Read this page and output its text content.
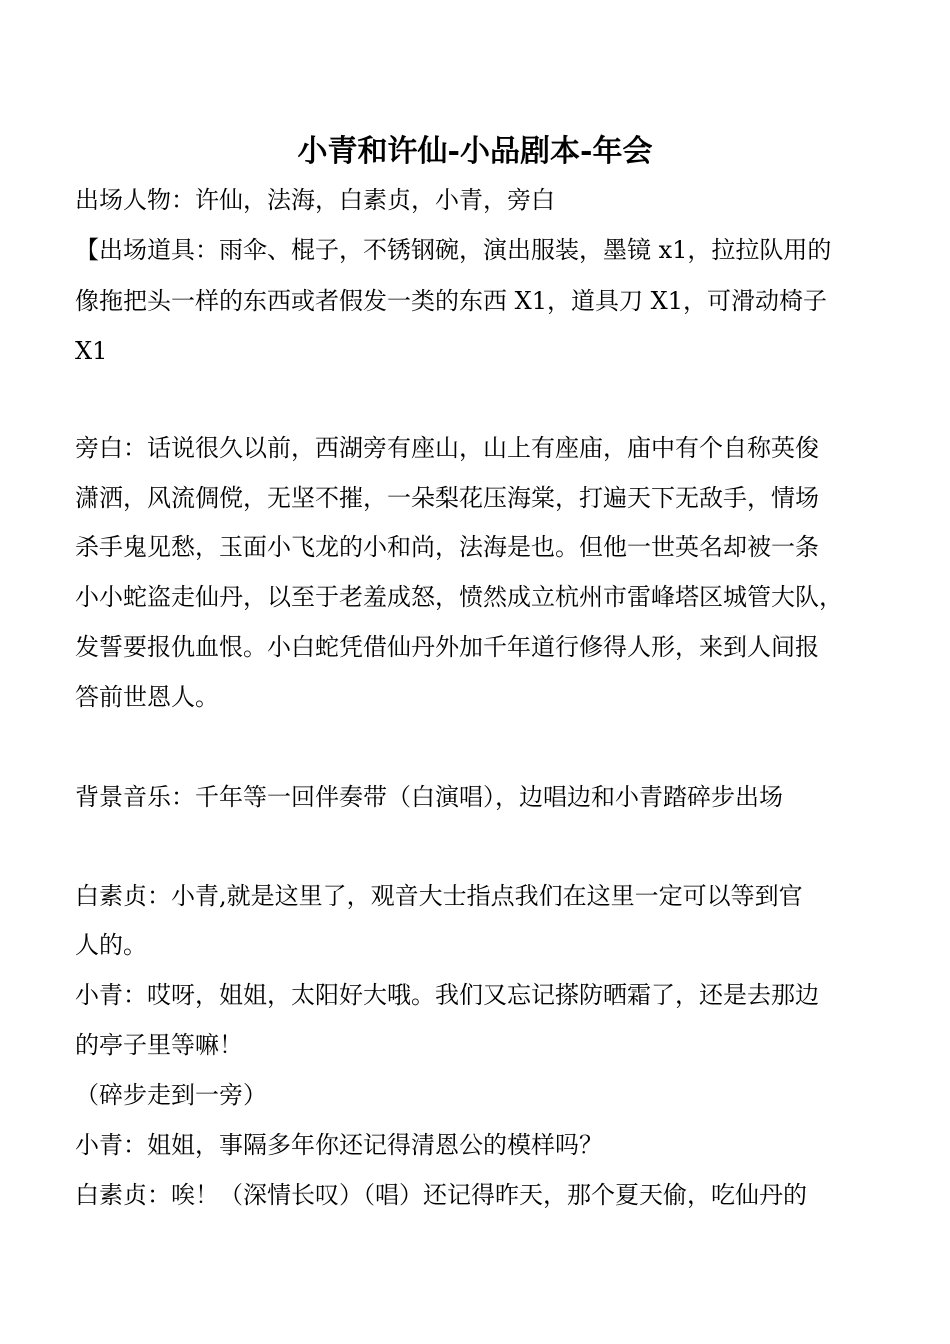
小青和许仙-小品剧本-年会
出场人物：许仙，法海，白素贞，小青，旁白
【出场道具：雨伞、棍子，不锈钢碗，演出服装，墨镜 x1，拉拉队用的
像拖把头一样的东西或者假发一类的东西 X1，道具刀 X1，可滑动椅子
X1
旁白：话说很久以前，西湖旁有座山，山上有座庙，庙中有个自称英俊
潇洒，风流倜傥，无坚不摧，一朵梨花压海棠，打遍天下无敌手，情场
杀手鬼见愁，玉面小飞龙的小和尚，法海是也。但他一世英名却被一条
小小蛇盗走仙丹，以至于老羞成怒，愤然成立杭州市雷峰塔区城管大队，
发誓要报仇血恨。小白蛇凭借仙丹外加千年道行修得人形，来到人间报
答前世恩人。
背景音乐：千年等一回伴奏带（白演唱），边唱边和小青踏碎步出场
白素贞：小青,就是这里了，观音大士指点我们在这里一定可以等到官
人的。
小青：哎呀，姐姐，太阳好大哦。我们又忘记搽防晒霜了，还是去那边
的亭子里等嘛！
（碎步走到一旁）
小青：姐姐，事隔多年你还记得清恩公的模样吗？
白素贞：唉！（深情长叹）（唱）还记得昨天，那个夏天偷，吃仙丹的
